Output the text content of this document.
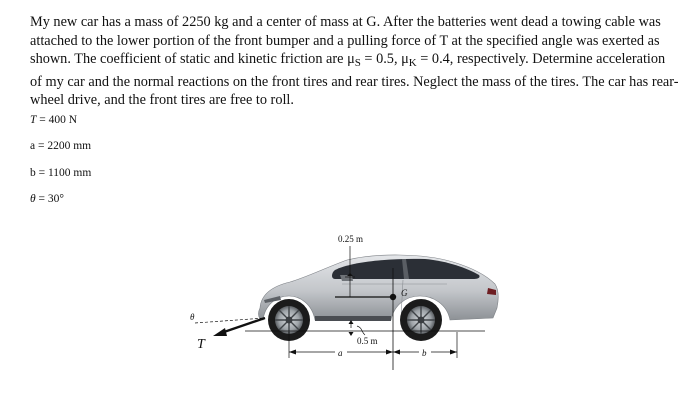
My new car has a mass of 2250 kg and a center of mass at G. After the batteries went dead a towing cable was attached to the lower portion of the front bumper and a pulling force of T at the specified angle was exerted as shown. The coefficient of static and kinetic friction are $\mu_S = 0.5$, $\mu_K = 0.4$, respectively. Determine acceleration of my car and the normal reactions on the front tires and rear tires. Neglect the mass of the tires. The car has rear-wheel drive, and the front tires are free to roll.

T = 400 N

a = 2200 mm

b = 1100 mm

θ = 30°

G
0.25 m
θ
T	0.5 m
a	b
